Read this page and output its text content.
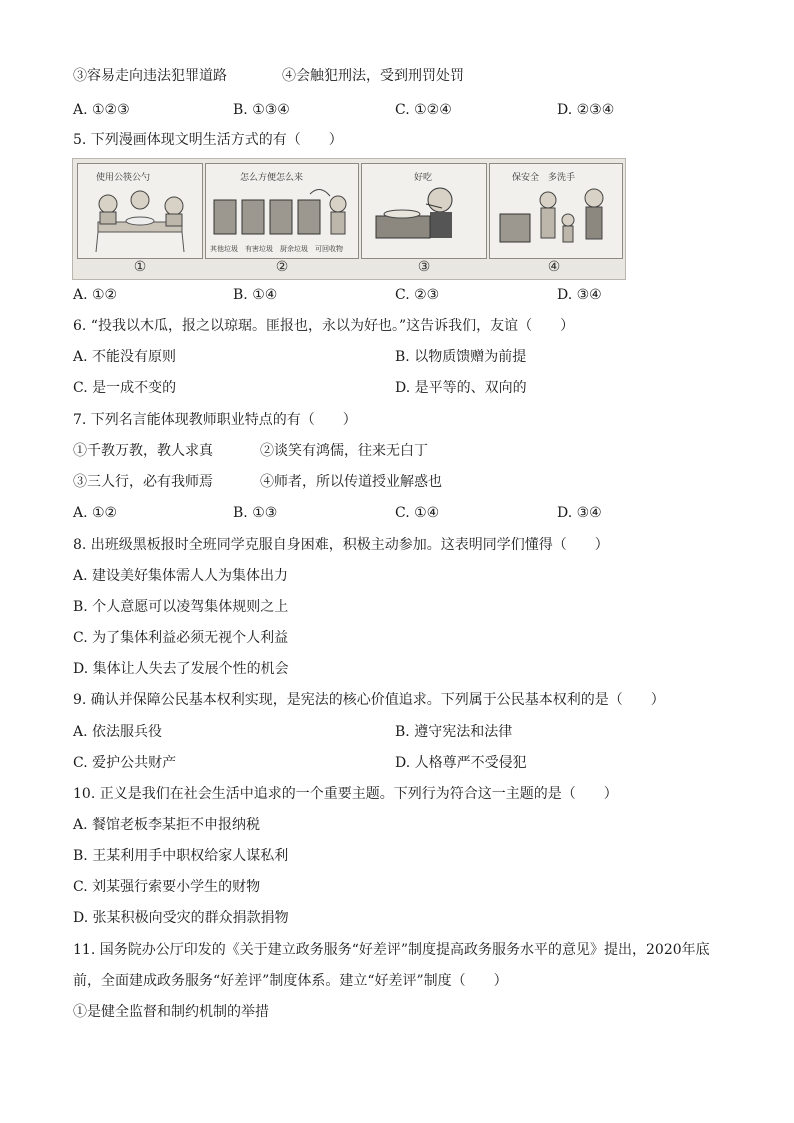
③容易走向违法犯罪道路	④会触犯刑法，受到刑罚处罚
A. ①②③	B. ①③④	C. ①②④	D. ②③④
5. 下列漫画体现文明生活方式的有（　　）
A. ①②	B. ①④	C. ②③	D. ③④
6. “投我以木瓜，报之以琼琚。匪报也，永以为好也。”这告诉我们，友谊（　　）
A. 不能没有原则	B. 以物质馈赠为前提
C. 是一成不变的	D. 是平等的、双向的
7. 下列名言能体现教师职业特点的有（　　）
①千教万教，教人求真	②谈笑有鸿儒，往来无白丁
③三人行，必有我师焉	④师者，所以传道授业解惑也
A. ①②	B. ①③	C. ①④	D. ③④
8. 出班级黑板报时全班同学克服自身困难，积极主动参加。这表明同学们懂得（　　）
A. 建设美好集体需人人为集体出力
B. 个人意愿可以凌驾集体规则之上
C. 为了集体利益必须无视个人利益
D. 集体让人失去了发展个性的机会
9. 确认并保障公民基本权利实现，是宪法的核心价值追求。下列属于公民基本权利的是（　　）
A. 依法服兵役	B. 遵守宪法和法律
C. 爱护公共财产	D. 人格尊严不受侵犯
10. 正义是我们在社会生活中追求的一个重要主题。下列行为符合这一主题的是（　　）
A. 餐馆老板李某拒不申报纳税
B. 王某利用手中职权给家人谋私利
C. 刘某强行索要小学生的财物
D. 张某积极向受灾的群众捐款捐物
11. 国务院办公厅印发的《关于建立政务服务“好差评”制度提高政务服务水平的意见》提出，2020年底
前，全面建成政务服务“好差评”制度体系。建立“好差评”制度（　　）
①是健全监督和制约机制的举措
使用公筷公勺	怎么方便怎么来
其他垃圾　有害垃圾　厨余垃圾　可回收物
好吃	保安全　多洗手
①	②	③	④
